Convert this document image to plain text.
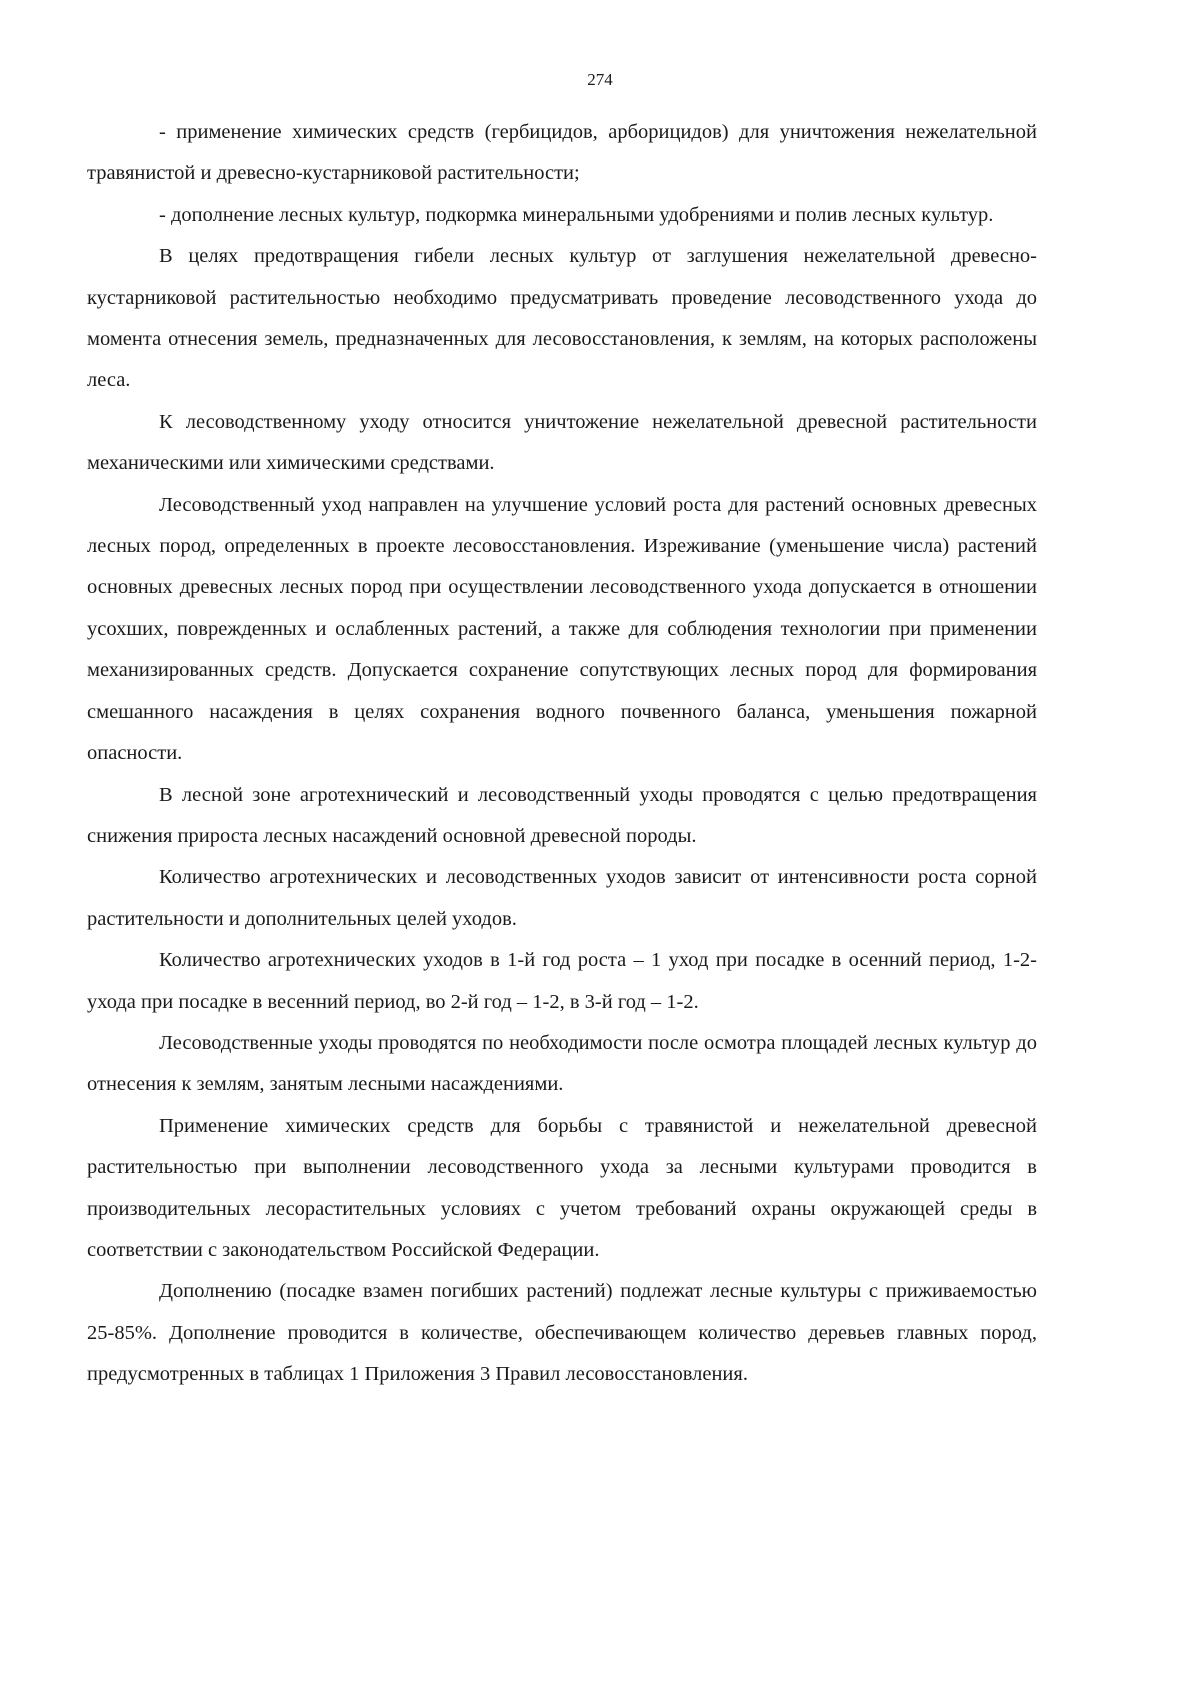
274

- применение химических средств (гербицидов, арборицидов) для уничтожения нежелательной травянистой и древесно-кустарниковой растительности;

- дополнение лесных культур, подкормка минеральными удобрениями и полив лесных культур.

В целях предотвращения гибели лесных культур от заглушения нежелательной древесно-кустарниковой растительностью необходимо предусматривать проведение лесоводственного ухода до момента отнесения земель, предназначенных для лесовосстановления, к землям, на которых расположены леса.

К лесоводственному уходу относится уничтожение нежелательной древесной растительности механическими или химическими средствами.

Лесоводственный уход направлен на улучшение условий роста для растений основных древесных лесных пород, определенных в проекте лесовосстановления. Изреживание (уменьшение числа) растений основных древесных лесных пород при осуществлении лесоводственного ухода допускается в отношении усохших, поврежденных и ослабленных растений, а также для соблюдения технологии при применении механизированных средств. Допускается сохранение сопутствующих лесных пород для формирования смешанного насаждения в целях сохранения водного почвенного баланса, уменьшения пожарной опасности.

В лесной зоне агротехнический и лесоводственный уходы проводятся с целью предотвращения снижения прироста лесных насаждений основной древесной породы.

Количество агротехнических и лесоводственных уходов зависит от интенсивности роста сорной растительности и дополнительных целей уходов.

Количество агротехнических уходов в 1-й год роста – 1 уход при посадке в осенний период, 1-2-ухода при посадке в весенний период, во 2-й год – 1-2, в 3-й год – 1-2.

Лесоводственные уходы проводятся по необходимости после осмотра площадей лесных культур до отнесения к землям, занятым лесными насаждениями.

Применение химических средств для борьбы с травянистой и нежелательной древесной растительностью при выполнении лесоводственного ухода за лесными культурами проводится в производительных лесорастительных условиях с учетом требований охраны окружающей среды в соответствии с законодательством Российской Федерации.

Дополнению (посадке взамен погибших растений) подлежат лесные культуры с приживаемостью 25-85%. Дополнение проводится в количестве, обеспечивающем количество деревьев главных пород, предусмотренных в таблицах 1 Приложения 3 Правил лесовосстановления.
